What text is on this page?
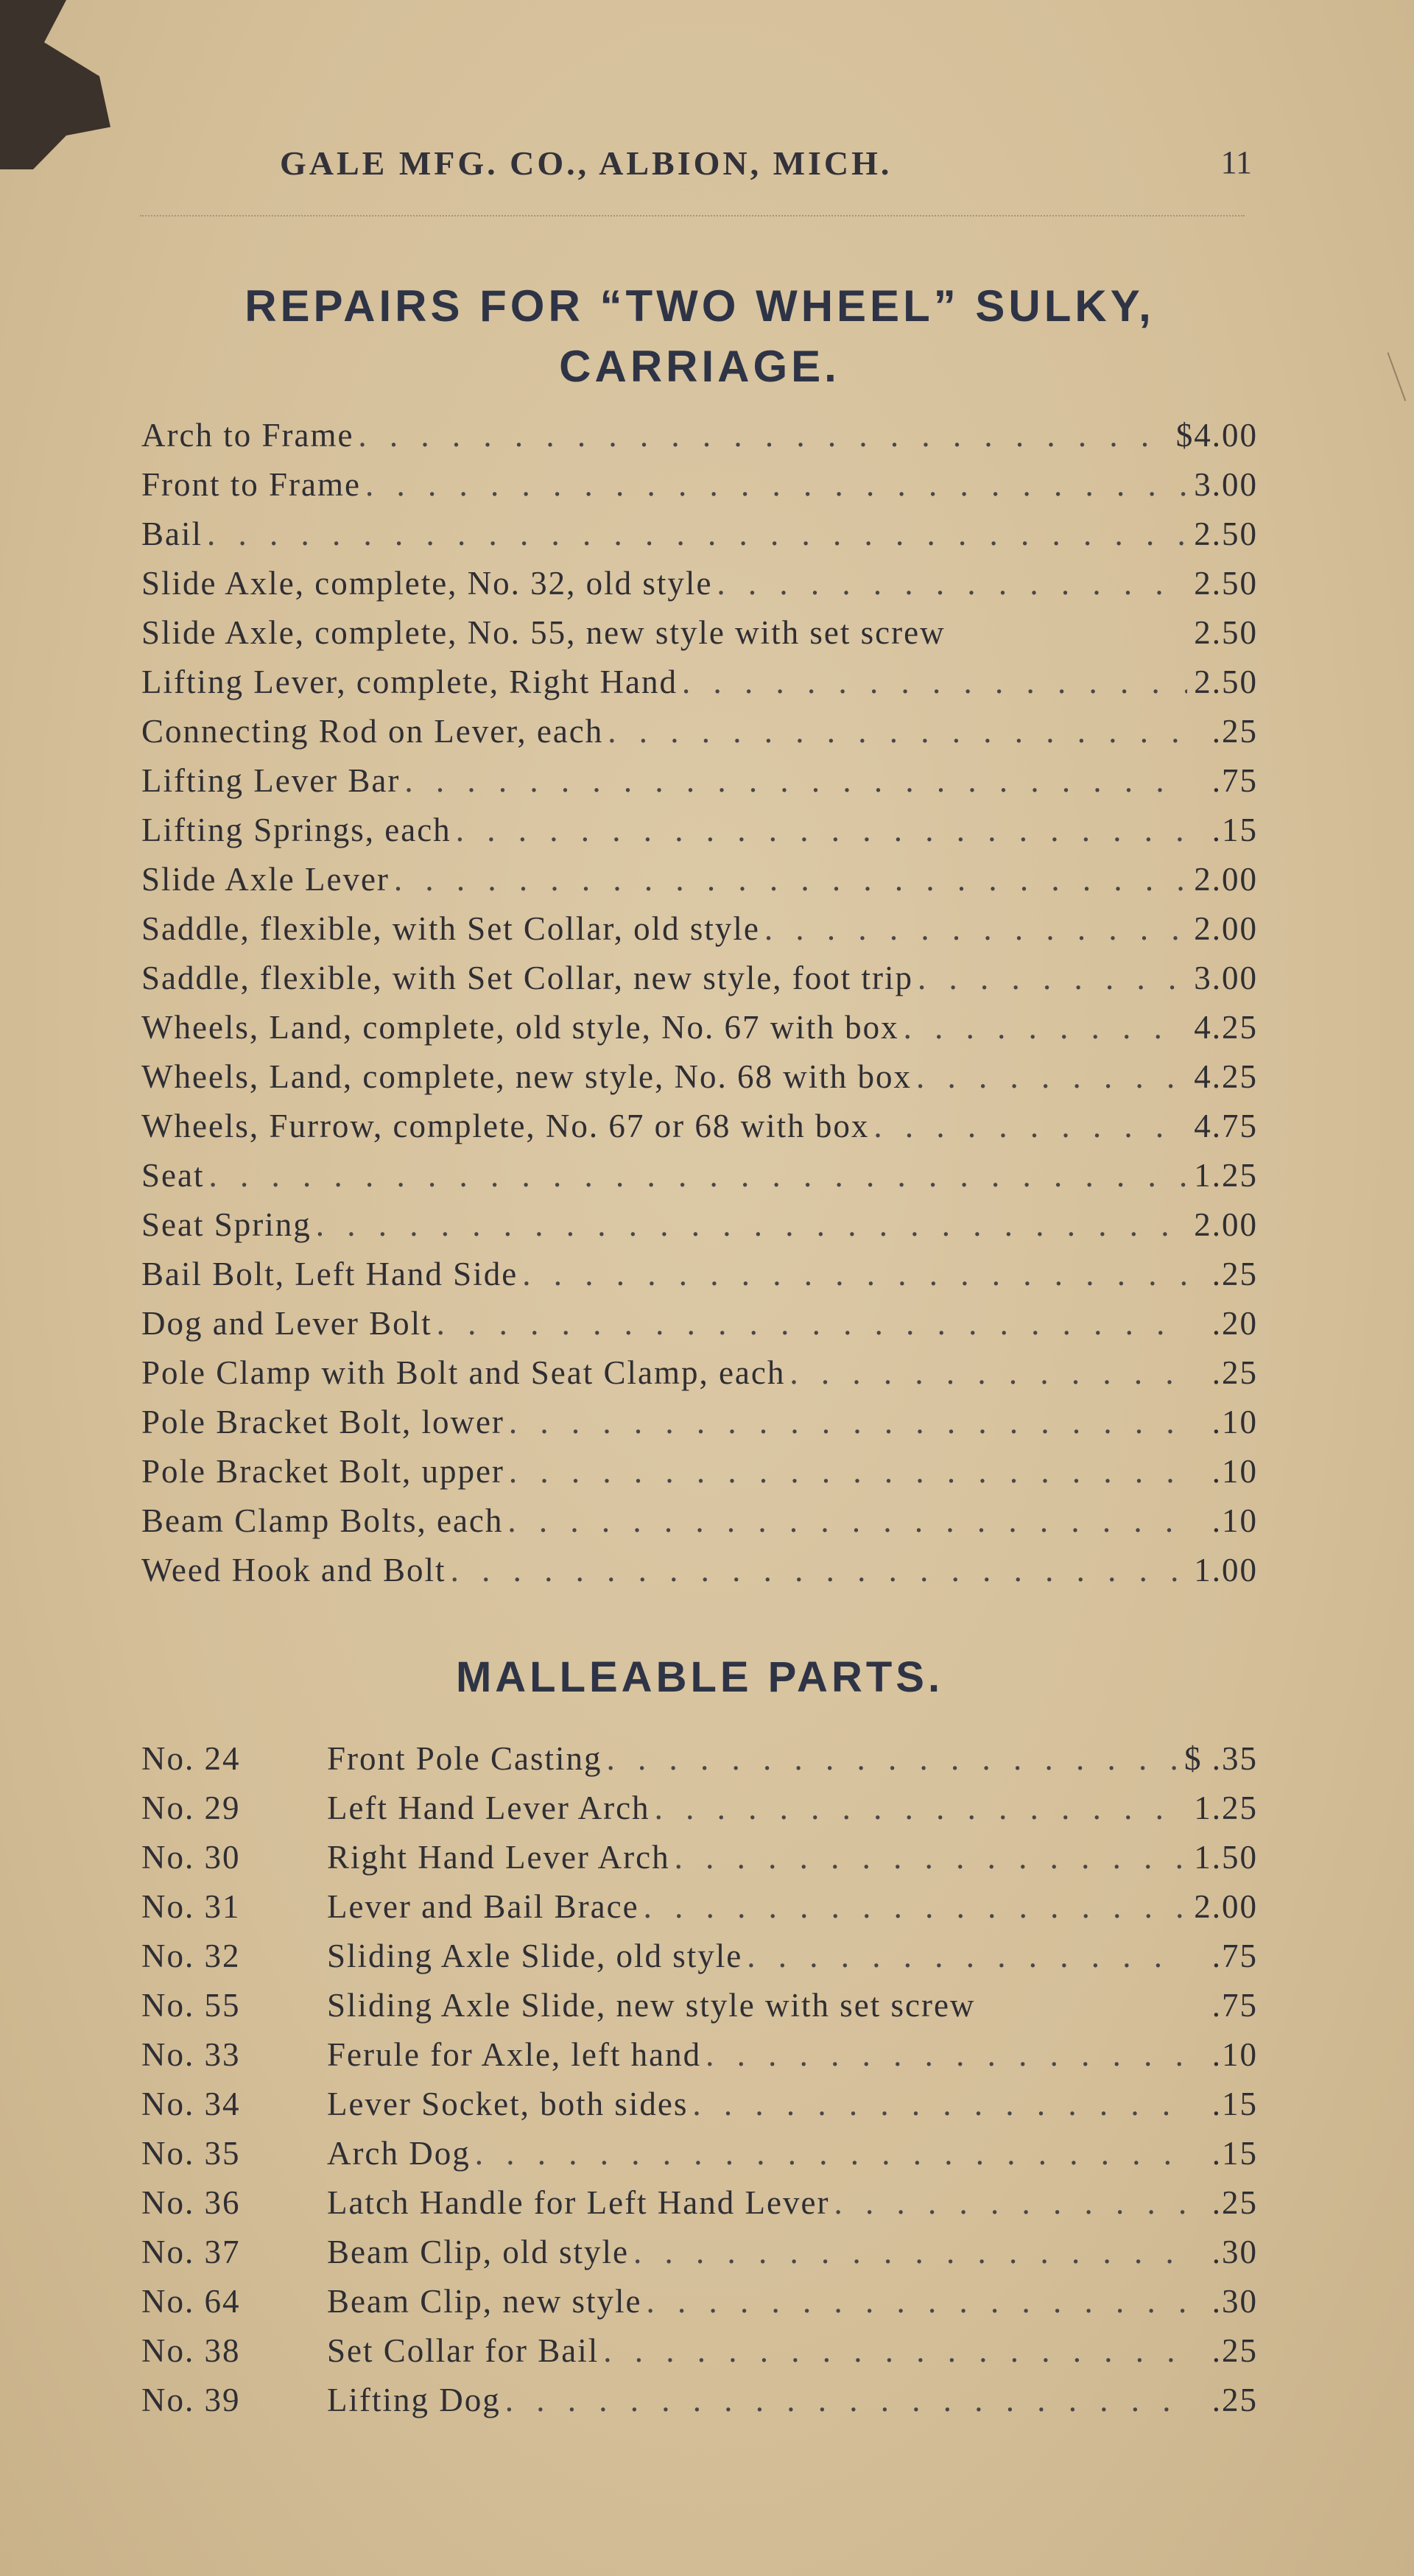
GALE MFG. CO., ALBION, MICH.	11
REPAIRS FOR “TWO WHEEL” SULKY,
CARRIAGE.
Arch to Frame . . .	$4.00
Front to Frame . . .	3.00
Bail . . .	2.50
Slide Axle, complete, No. 32, old style . . .	2.50
Slide Axle, complete, No. 55, new style with set screw	2.50
Lifting Lever, complete, Right Hand . . .	2.50
Connecting Rod on Lever, each . . .	.25
Lifting Lever Bar . . .	.75
Lifting Springs, each . . .	.15
Slide Axle Lever . . .	2.00
Saddle, flexible, with Set Collar, old style . . .	2.00
Saddle, flexible, with Set Collar, new style, foot trip . . .	3.00
Wheels, Land, complete, old style, No. 67 with box . . .	4.25
Wheels, Land, complete, new style, No. 68 with box . . .	4.25
Wheels, Furrow, complete, No. 67 or 68 with box . . .	4.75
Seat . . .	1.25
Seat Spring . . .	2.00
Bail Bolt, Left Hand Side . . .	.25
Dog and Lever Bolt . . .	.20
Pole Clamp with Bolt and Seat Clamp, each . . .	.25
Pole Bracket Bolt, lower . . .	.10
Pole Bracket Bolt, upper . . .	.10
Beam Clamp Bolts, each . . .	.10
Weed Hook and Bolt . . .	1.00
MALLEABLE PARTS.
No. 24	Front Pole Casting . . .	$ .35
No. 29	Left Hand Lever Arch . . .	1.25
No. 30	Right Hand Lever Arch . . .	1.50
No. 31	Lever and Bail Brace . . .	2.00
No. 32	Sliding Axle Slide, old style . . .	.75
No. 55	Sliding Axle Slide, new style with set screw	.75
No. 33	Ferule for Axle, left hand . . .	.10
No. 34	Lever Socket, both sides . . .	.15
No. 35	Arch Dog . . .	.15
No. 36	Latch Handle for Left Hand Lever . . .	.25
No. 37	Beam Clip, old style . . .	.30
No. 64	Beam Clip, new style . . .	.30
No. 38	Set Collar for Bail . . .	.25
No. 39	Lifting Dog . . .	.25
